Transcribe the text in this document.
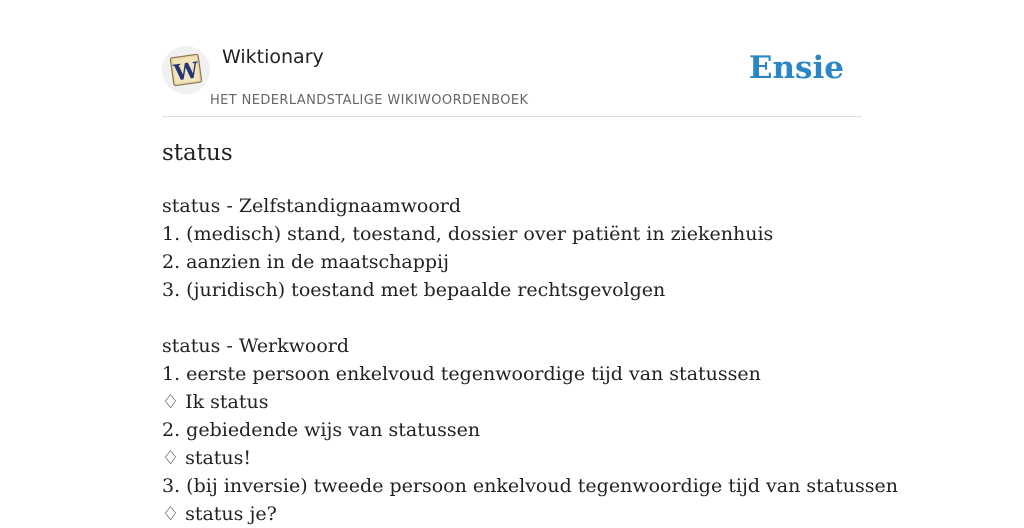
W
Wiktionary
HET NEDERLANDSTALIGE WIKIWOORDENBOEK
Ensie
status
status - Zelfstandignaamwoord
1. (medisch) stand, toestand, dossier over patiënt in ziekenhuis
2. aanzien in de maatschappij
3. (juridisch) toestand met bepaalde rechtsgevolgen
status - Werkwoord
1. eerste persoon enkelvoud tegenwoordige tijd van statussen
♢ Ik status
2. gebiedende wijs van statussen
♢ status!
3. (bij inversie) tweede persoon enkelvoud tegenwoordige tijd van statussen
♢ status je?
